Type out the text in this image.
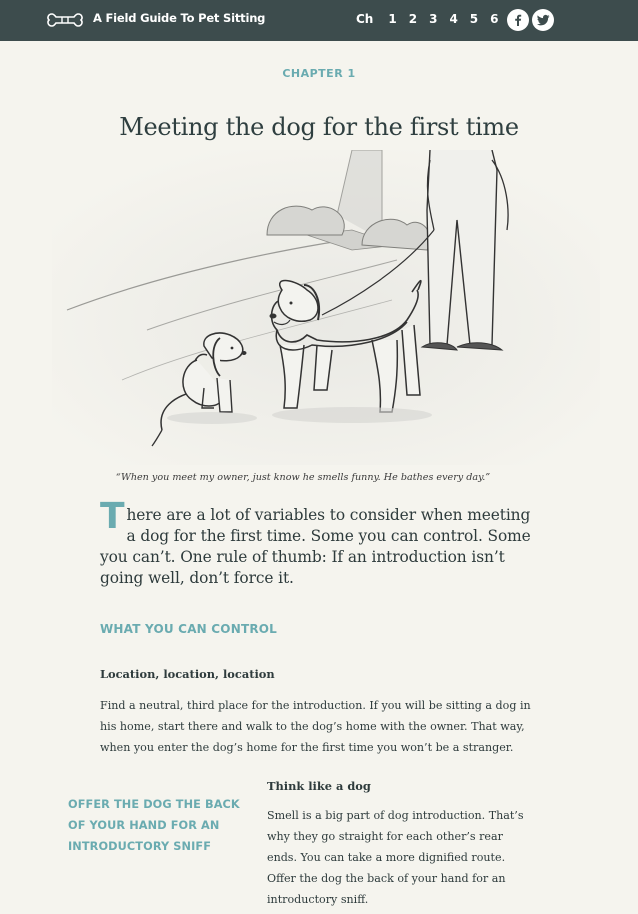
A Field Guide To Pet Sitting	Ch 1 2 3 4 5 6
CHAPTER 1
Meeting the dog for the first time
“When you meet my owner, just know he smells funny. He bathes every day.”
There are a lot of variables to consider when meeting a dog for the first time. Some you can control. Some you can’t. One rule of thumb: If an introduction isn’t going well, don’t force it.
WHAT YOU CAN CONTROL
Location, location, location

Find a neutral, third place for the introduction. If you will be sitting a dog in his home, start there and walk to the dog’s home with the owner. That way, when you enter the dog’s home for the first time you won’t be a stranger.

OFFER THE DOG THE BACK OF YOUR HAND FOR AN INTRODUCTORY SNIFF
Think like a dog

Smell is a big part of dog introduction. That’s why they go straight for each other’s rear ends. You can take a more dignified route. Offer the dog the back of your hand for an introductory sniff.
